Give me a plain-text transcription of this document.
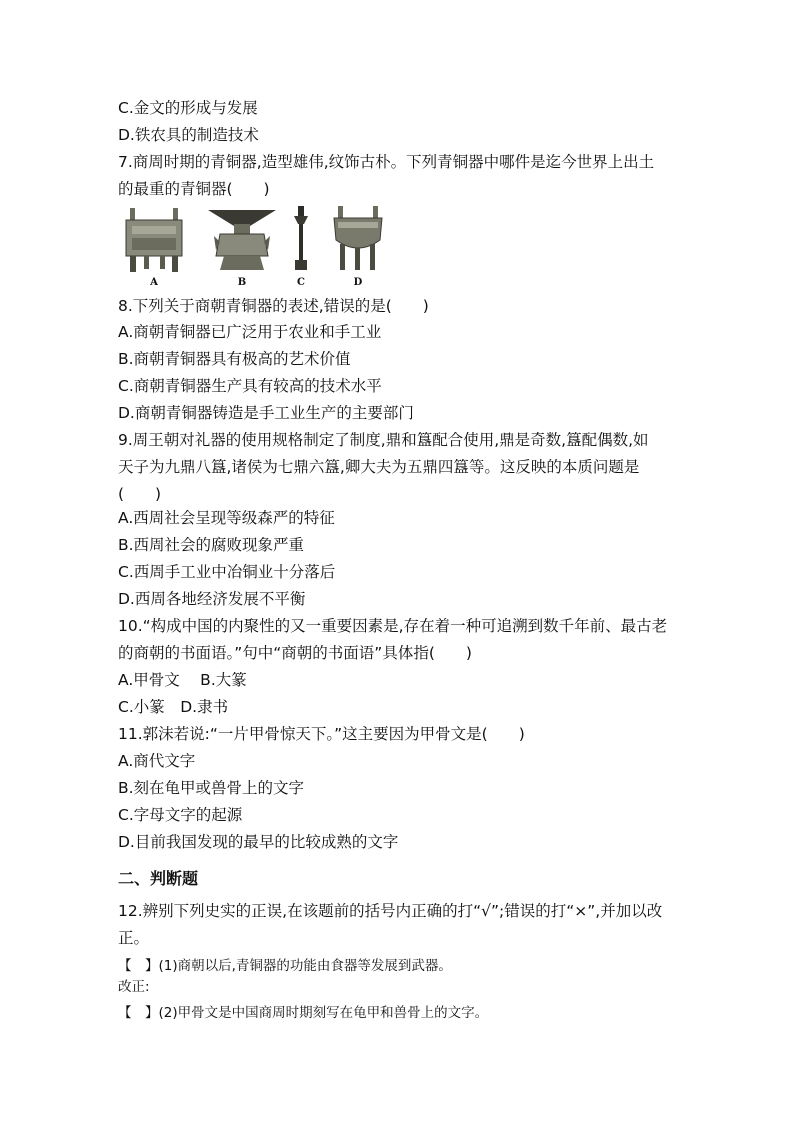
C.金文的形成与发展
D.铁农具的制造技术
7.商周时期的青铜器,造型雄伟,纹饰古朴。下列青铜器中哪件是迄今世界上出土
的最重的青铜器(　　)
A	B	C	D
8.下列关于商朝青铜器的表述,错误的是(　　)
A.商朝青铜器已广泛用于农业和手工业
B.商朝青铜器具有极高的艺术价值
C.商朝青铜器生产具有较高的技术水平
D.商朝青铜器铸造是手工业生产的主要部门
9.周王朝对礼器的使用规格制定了制度,鼎和簋配合使用,鼎是奇数,簋配偶数,如
天子为九鼎八簋,诸侯为七鼎六簋,卿大夫为五鼎四簋等。这反映的本质问题是
(　　)
A.西周社会呈现等级森严的特征
B.西周社会的腐败现象严重
C.西周手工业中冶铜业十分落后
D.西周各地经济发展不平衡
10.“构成中国的内聚性的又一重要因素是,存在着一种可追溯到数千年前、最古老
的商朝的书面语。”句中“商朝的书面语”具体指(　　)
A.甲骨文　 B.大篆
C.小篆　D.隶书
11.郭沫若说:“一片甲骨惊天下。”这主要因为甲骨文是(　　)
A.商代文字
B.刻在龟甲或兽骨上的文字
C.字母文字的起源
D.目前我国发现的最早的比较成熟的文字
二、判断题
12.辨别下列史实的正误,在该题前的括号内正确的打“√”;错误的打“×”,并加以改
正。
【　】(1)商朝以后,青铜器的功能由食器等发展到武器。
改正:
【　】(2)甲骨文是中国商周时期刻写在龟甲和兽骨上的文字。
